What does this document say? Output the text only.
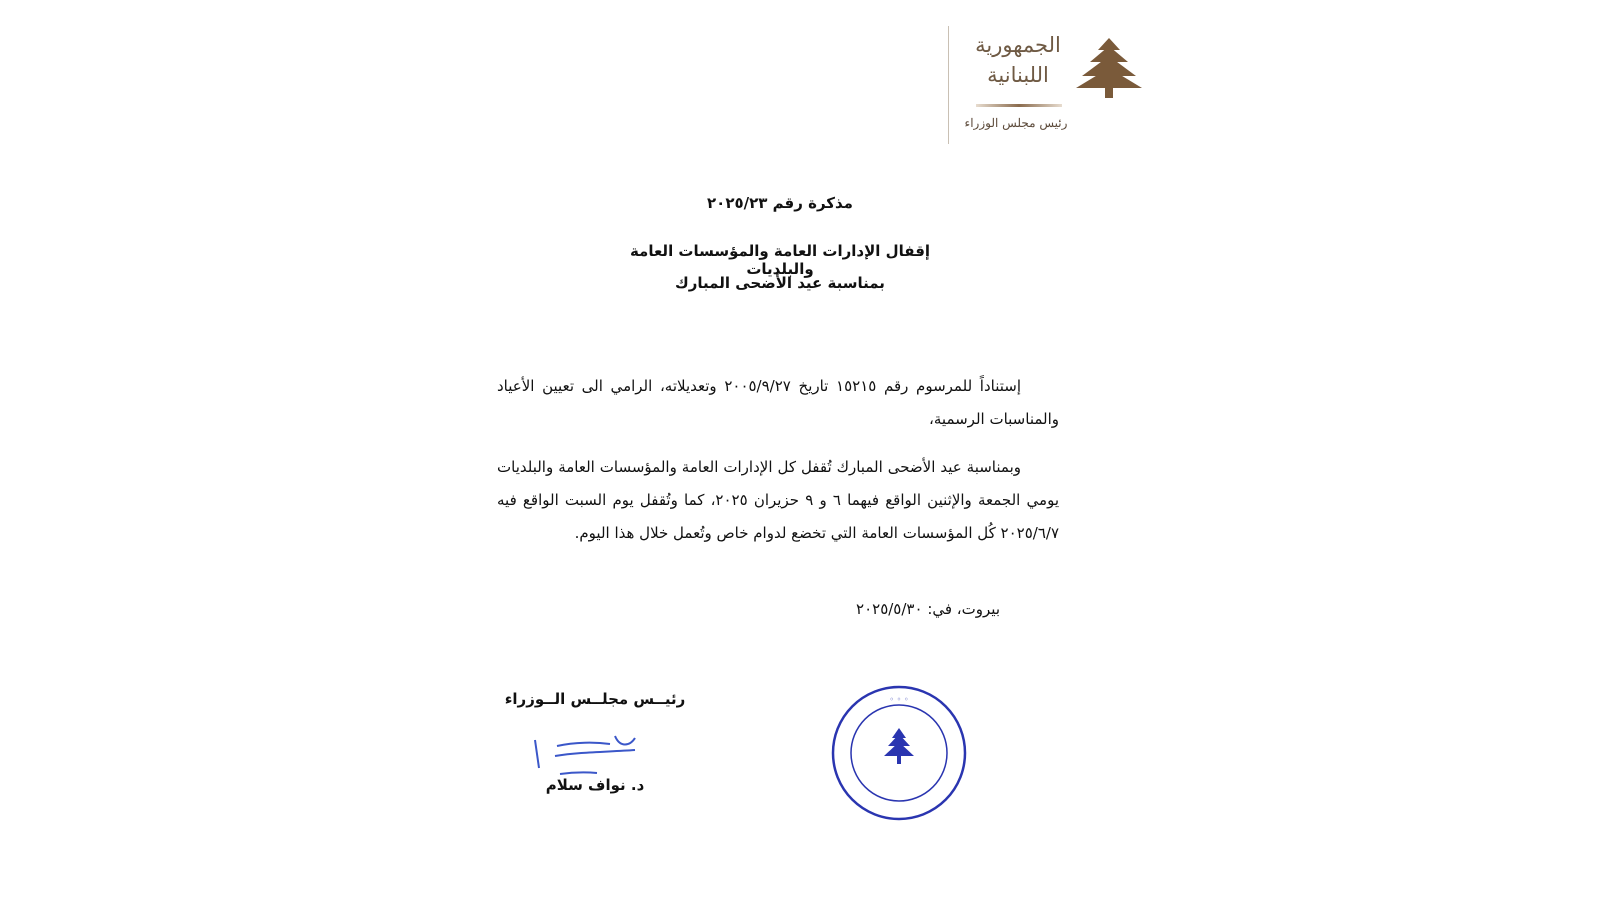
الجمهورية اللبنانية
رئيس مجلس الوزراء
مذكرة رقم ٢٠٢٥/٢٣
إقفال الإدارات العامة والمؤسسات العامة والبلديات
بمناسبة عيد الأضحى المبارك

إستناداً للمرسوم رقم ١٥٢١٥ تاريخ ٢٠٠٥/٩/٢٧ وتعديلاته، الرامي الى تعيين الأعياد والمناسبات الرسمية،

وبمناسبة عيد الأضحى المبارك تُقفل كل الإدارات العامة والمؤسسات العامة والبلديات يومي الجمعة والإثنين الواقع فيهما ٦ و ٩ حزيران ٢٠٢٥، كما وتُقفل يوم السبت الواقع فيه ٢٠٢٥/٦/٧ كُل المؤسسات العامة التي تخضع لدوام خاص وتُعمل خلال هذا اليوم.

بيروت، في: ٢٠٢٥/٥/٣٠
رئيــس مجلــس الــوزراء
د. نواف سلام
◦ ◦ ◦
